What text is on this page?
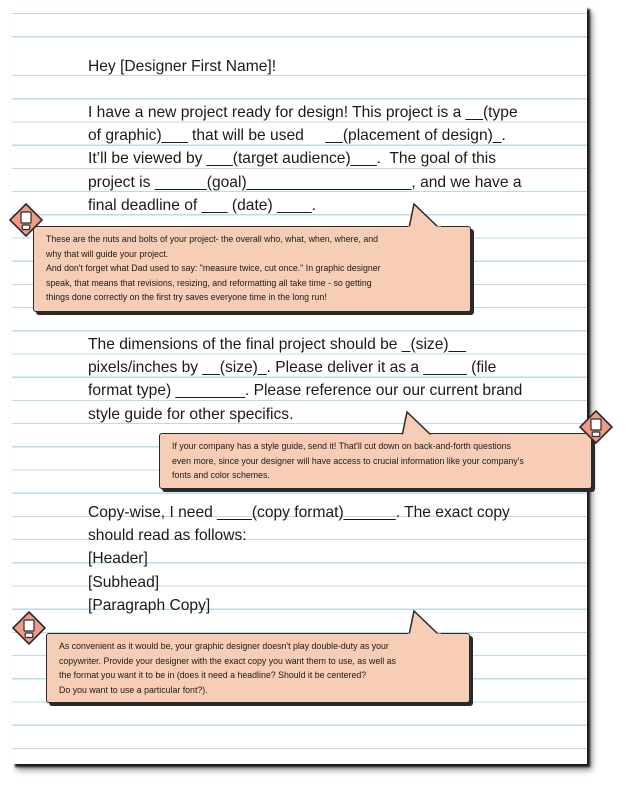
Hey [Designer First Name]!

I have a new project ready for design! This project is a __(type
of graphic)___ that will be used     __(placement of design)_.
It’ll be viewed by ___(target audience)___.  The goal of this
project is ______(goal)___________________, and we have a
final deadline of ___ (date) ____.

The dimensions of the final project should be _(size)__
pixels/inches by __(size)_. Please deliver it as a _____ (file
format type) ________. Please reference our our current brand
style guide for other specifics.

Copy-wise, I need ____(copy format)______. The exact copy
should read as follows:
[Header]
[Subhead]
[Paragraph Copy]

These are the nuts and bolts of your project- the overall who, what, when, where, and
why that will guide your project.
And don't forget what Dad used to say: "measure twice, cut once." In graphic designer
speak, that means that revisions, resizing, and reformatting all take time - so getting
things done correctly on the first try saves everyone time in the long run!
If your company has a style guide, send it! That'll cut down on back-and-forth questions
even more, since your designer will have access to crucial information like your company's
fonts and color schemes.
As convenient as it would be, your graphic designer doesn't play double-duty as your
copywriter. Provide your designer with the exact copy you want them to use, as well as
the format you want it to be in (does it need a headline? Should it be centered?
Do you want to use a particular font?).
